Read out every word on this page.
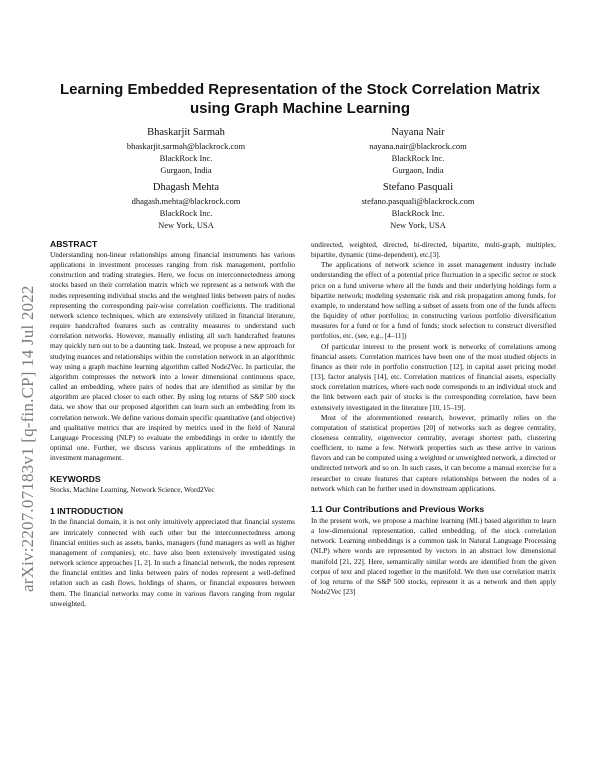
arXiv:2207.07183v1 [q-fin.CP] 14 Jul 2022
Learning Embedded Representation of the Stock Correlation Matrix using Graph Machine Learning
Bhaskarjit Sarmah
bhaskarjit.sarmah@blackrock.com
BlackRock Inc.
Gurgaon, India
Nayana Nair
nayana.nair@blackrock.com
BlackRock Inc.
Gurgaon, India
Dhagash Mehta
dhagash.mehta@blackrock.com
BlackRock Inc.
New York, USA
Stefano Pasquali
stefano.pasquali@blackrock.com
BlackRock Inc.
New York, USA
ABSTRACT

Understanding non-linear relationships among financial instruments has various applications in investment processes ranging from risk management, portfolio construction and trading strategies. Here, we focus on interconnectedness among stocks based on their correlation matrix which we represent as a network with the nodes representing individual stocks and the weighted links between pairs of nodes representing the corresponding pair-wise correlation coefficients. The traditional network science techniques, which are extensively utilized in financial literature, require handcrafted features such as centrality measures to understand such correlation networks. However, manually enlisting all such handcrafted features may quickly turn out to be a daunting task. Instead, we propose a new approach for studying nuances and relationships within the correlation network in an algorithmic way using a graph machine learning algorithm called Node2Vec. In particular, the algorithm compresses the network into a lower dimensional continuous space, called an embedding, where pairs of nodes that are identified as similar by the algorithm are placed closer to each other. By using log returns of S&P 500 stock data, we show that our proposed algorithm can learn such an embedding from its correlation network. We define various domain specific quantitative (and objective) and qualitative metrics that are inspired by metrics used in the field of Natural Language Processing (NLP) to evaluate the embeddings in order to identify the optimal one. Further, we discuss various applications of the embeddings in investment management.

KEYWORDS

Stocks, Machine Learning, Network Science, Word2Vec

1 INTRODUCTION

In the financial domain, it is not only intuitively appreciated that financial systems are intricately connected with each other but the interconnectedness among financial entities such as assets, banks, managers (fund managers as well as higher management of companies), etc. have also been extensively investigated using network science approaches [1, 2]. In such a financial network, the nodes represent the financial entities and links between pairs of nodes represent a well-defined relation such as cash flows, holdings of shares, or financial exposures between them. The financial networks may come in various flavors ranging from regular unweighted,

undirected, weighted, directed, bi-directed, bipartite, multi-graph, multiplex, bipartite, dynamic (time-dependent), etc.[3].

The applications of network science in asset management industry include understanding the effect of a potential price fluctuation in a specific sector or stock price on a fund universe where all the funds and their underlying holdings form a bipartite network; modeling systematic risk and risk propagation among funds, for example, to understand how selling a subset of assets from one of the funds affects the liquidity of other portfolios; in constructing various portfolio diversification measures for a fund or for a fund of funds; stock selection to construct diversified portfolios, etc. (see, e.g., [4–11])

Of particular interest to the present work is networks of correlations among financial assets. Correlation matrices have been one of the most studied objects in finance as their role in portfolio construction [12], in capital asset pricing model [13], factor analysis [14], etc. Correlation matrices of financial assets, especially stock correlation matrices, where each node corresponds to an individual stock and the link between each pair of stocks is the corresponding correlation, have been extensively investigated in the literature [10, 15–19].

Most of the aforementioned research, however, primarily relies on the computation of statistical properties [20] of networks such as degree centrality, closeness centrality, eigenvector centrality, average shortest path, clustering coefficient, to name a few. Network properties such as these arrive in various flavors and can be computed using a weighted or unweighted network, a directed or undirected network and so on. In such cases, it can become a manual exercise for a researcher to create features that capture relationships between the nodes of a network which can be further used in downstream applications.

1.1 Our Contributions and Previous Works

In the present work, we propose a machine learning (ML) based algorithm to learn a low-dimensional representation, called embedding, of the stock correlation network. Learning embeddings is a common task in Natural Language Processing (NLP) where words are represented by vectors in an abstract low dimensional manifold [21, 22]. Here, semantically similar words are identified from the given corpus of text and placed together in the manifold. We then use correlation matrix of log returns of the S&P 500 stocks, represent it as a network and then apply Node2Vec [23]
